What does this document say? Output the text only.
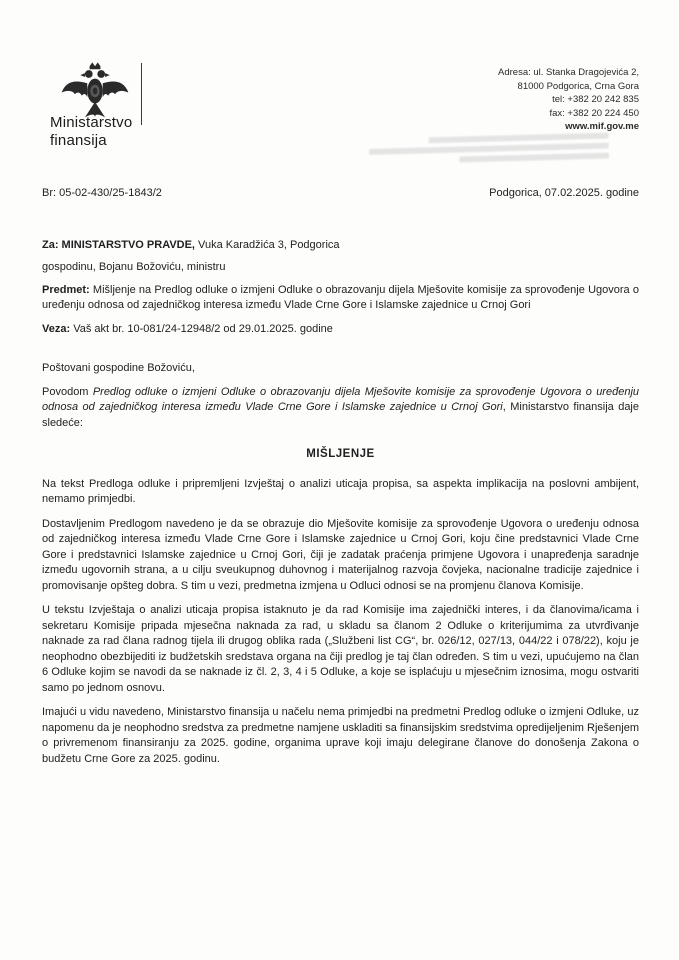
Ministarstvo
finansija
Adresa: ul. Stanka Dragojevića 2,
81000 Podgorica, Crna Gora
tel: +382 20 242 835
fax: +382 20 224 450
www.mif.gov.me
Br: 05-02-430/25-1843/2	Podgorica, 07.02.2025. godine

Za: MINISTARSTVO PRAVDE, Vuka Karadžića 3, Podgorica

gospodinu, Bojanu Božoviću, ministru

Predmet: Mišljenje na Predlog odluke o izmjeni Odluke o obrazovanju dijela Mješovite komisije za sprovođenje Ugovora o uređenju odnosa od zajedničkog interesa između Vlade Crne Gore i Islamske zajednice u Crnoj Gori

Veza: Vaš akt br. 10-081/24-12948/2 od 29.01.2025. godine

Poštovani gospodine Božoviću,

Povodom Predlog odluke o izmjeni Odluke o obrazovanju dijela Mješovite komisije za sprovođenje Ugovora o uređenju odnosa od zajedničkog interesa između Vlade Crne Gore i Islamske zajednice u Crnoj Gori, Ministarstvo finansija daje sledeće:

MIŠLJENJE

Na tekst Predloga odluke i pripremljeni Izvještaj o analizi uticaja propisa, sa aspekta implikacija na poslovni ambijent, nemamo primjedbi.

Dostavljenim Predlogom navedeno je da se obrazuje dio Mješovite komisije za sprovođenje Ugovora o uređenju odnosa od zajedničkog interesa između Vlade Crne Gore i Islamske zajednice u Crnoj Gori, koju čine predstavnici Vlade Crne Gore i predstavnici Islamske zajednice u Crnoj Gori, čiji je zadatak praćenja primjene Ugovora i unapređenja saradnje između ugovornih strana, a u cilju sveukupnog duhovnog i materijalnog razvoja čovjeka, nacionalne tradicije zajednice i promovisanje opšteg dobra. S tim u vezi, predmetna izmjena u Odluci odnosi se na promjenu članova Komisije.

U tekstu Izvještaja o analizi uticaja propisa istaknuto je da rad Komisije ima zajednički interes, i da članovima/icama i sekretaru Komisije pripada mjesečna naknada za rad, u skladu sa članom 2 Odluke o kriterijumima za utvrđivanje naknade za rad člana radnog tijela ili drugog oblika rada („Službeni list CG“, br. 026/12, 027/13, 044/22 i 078/22), koju je neophodno obezbijediti iz budžetskih sredstava organa na čiji predlog je taj član određen. S tim u vezi, upućujemo na član 6 Odluke kojim se navodi da se naknade iz čl. 2, 3, 4 i 5 Odluke, a koje se isplaćuju u mjesečnim iznosima, mogu ostvariti samo po jednom osnovu.

Imajući u vidu navedeno, Ministarstvo finansija u načelu nema primjedbi na predmetni Predlog odluke o izmjeni Odluke, uz napomenu da je neophodno sredstva za predmetne namjene uskladiti sa finansijskim sredstvima opredijeljenim Rješenjem o privremenom finansiranju za 2025. godine, organima uprave koji imaju delegirane članove do donošenja Zakona o budžetu Crne Gore za 2025. godinu.
